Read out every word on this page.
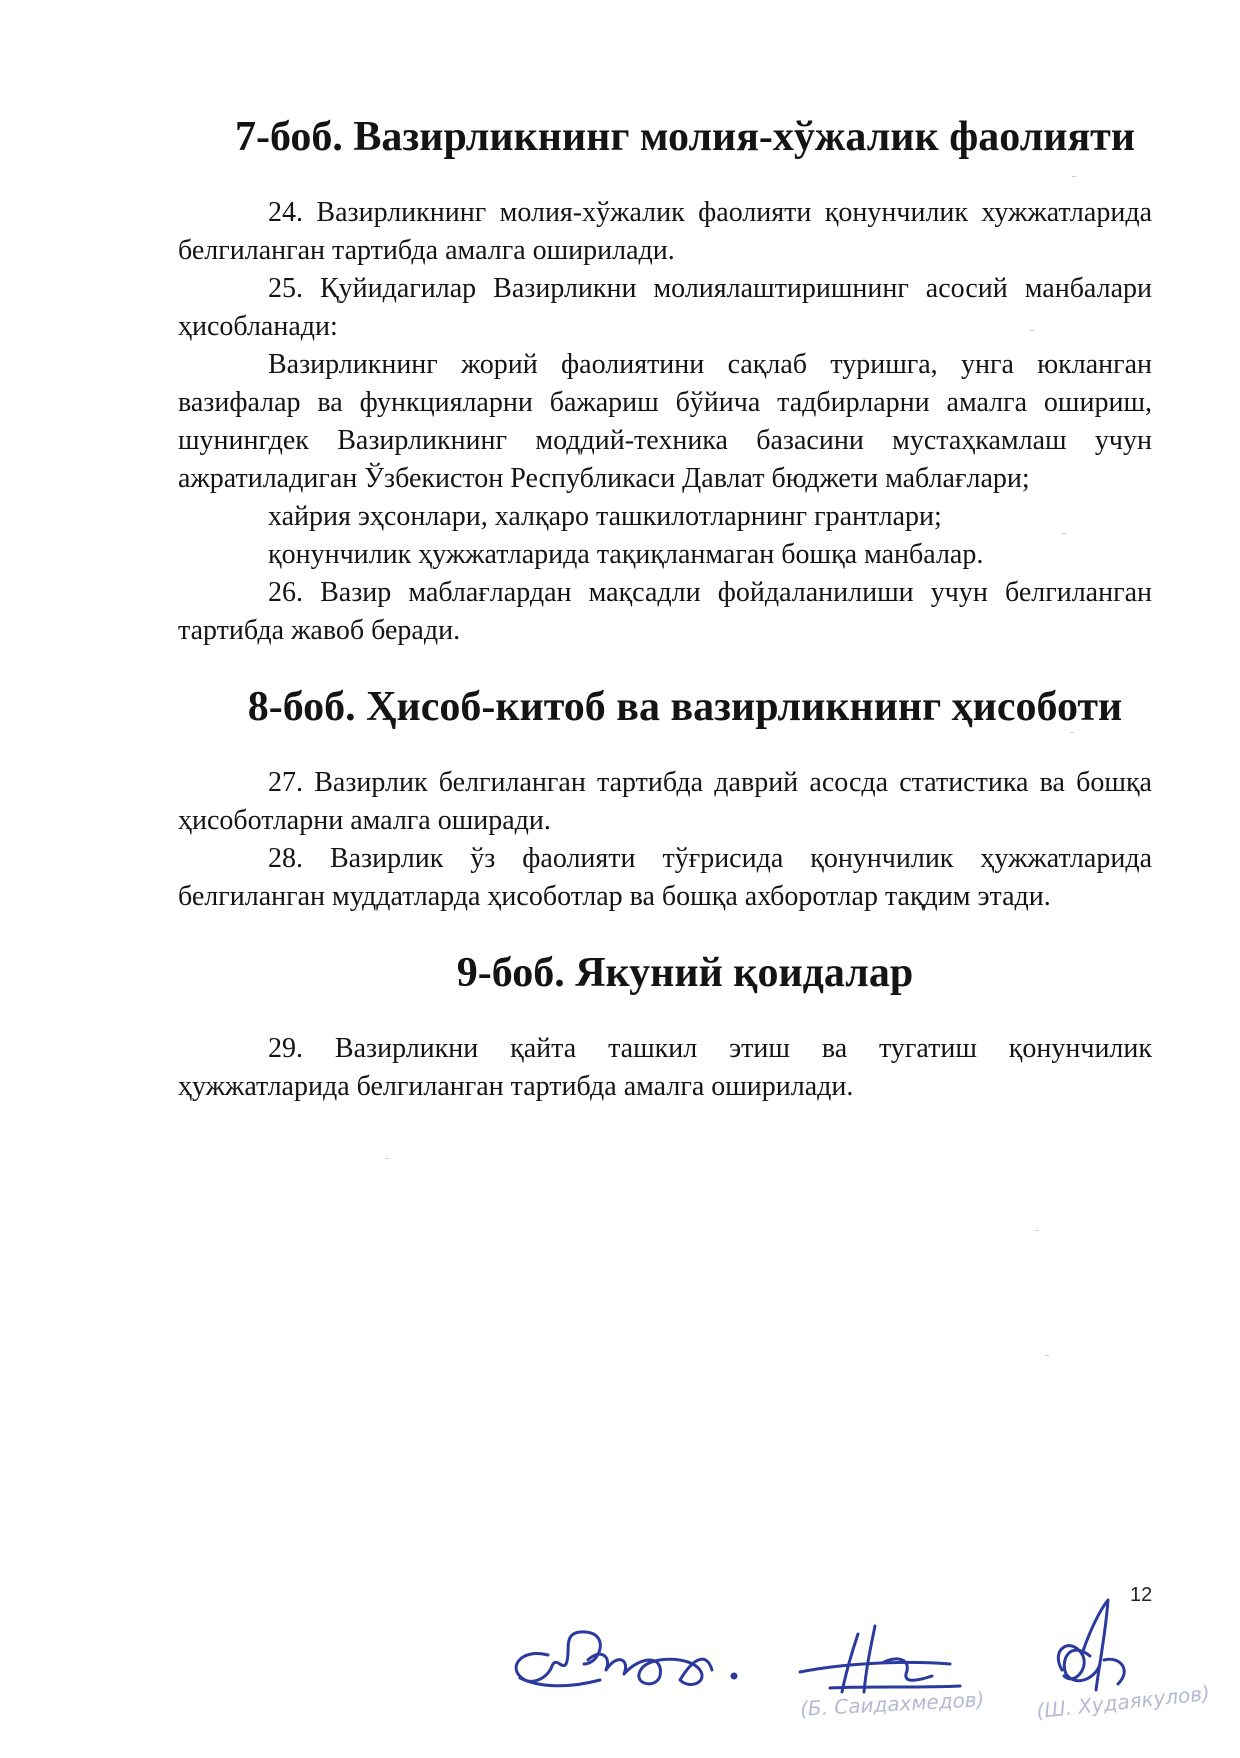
7-боб. Вазирликнинг молия-хўжалик фаолияти

24. Вазирликнинг молия-хўжалик фаолияти қонунчилик хужжатларида белгиланган тартибда амалга оширилади.

25. Қуйидагилар Вазирликни молиялаштиришнинг асосий манбалари ҳисобланади:

Вазирликнинг жорий фаолиятини сақлаб туришга, унга юкланган вазифалар ва функцияларни бажариш бўйича тадбирларни амалга ошириш, шунингдек Вазирликнинг моддий-техника базасини мустаҳкамлаш учун ажратиладиган Ўзбекистон Республикаси Давлат бюджети маблағлари;

хайрия эҳсонлари, халқаро ташкилотларнинг грантлари;

қонунчилик ҳужжатларида тақиқланмаган бошқа манбалар.

26. Вазир маблағлардан мақсадли фойдаланилиши учун белгиланган тартибда жавоб беради.

8-боб. Ҳисоб-китоб ва вазирликнинг ҳисоботи

27. Вазирлик белгиланган тартибда даврий асосда статистика ва бошқа ҳисоботларни амалга оширади.

28. Вазирлик ўз фаолияти тўғрисида қонунчилик ҳужжатларида белгиланган муддатларда ҳисоботлар ва бошқа ахборотлар тақдим этади.

9-боб. Якуний қоидалар

29. Вазирликни қайта ташкил этиш ва тугатиш қонунчилик ҳужжатларида белгиланган тартибда амалга оширилади.

12
(Б. Саидахмедов)	(Ш. Худаякулов)
